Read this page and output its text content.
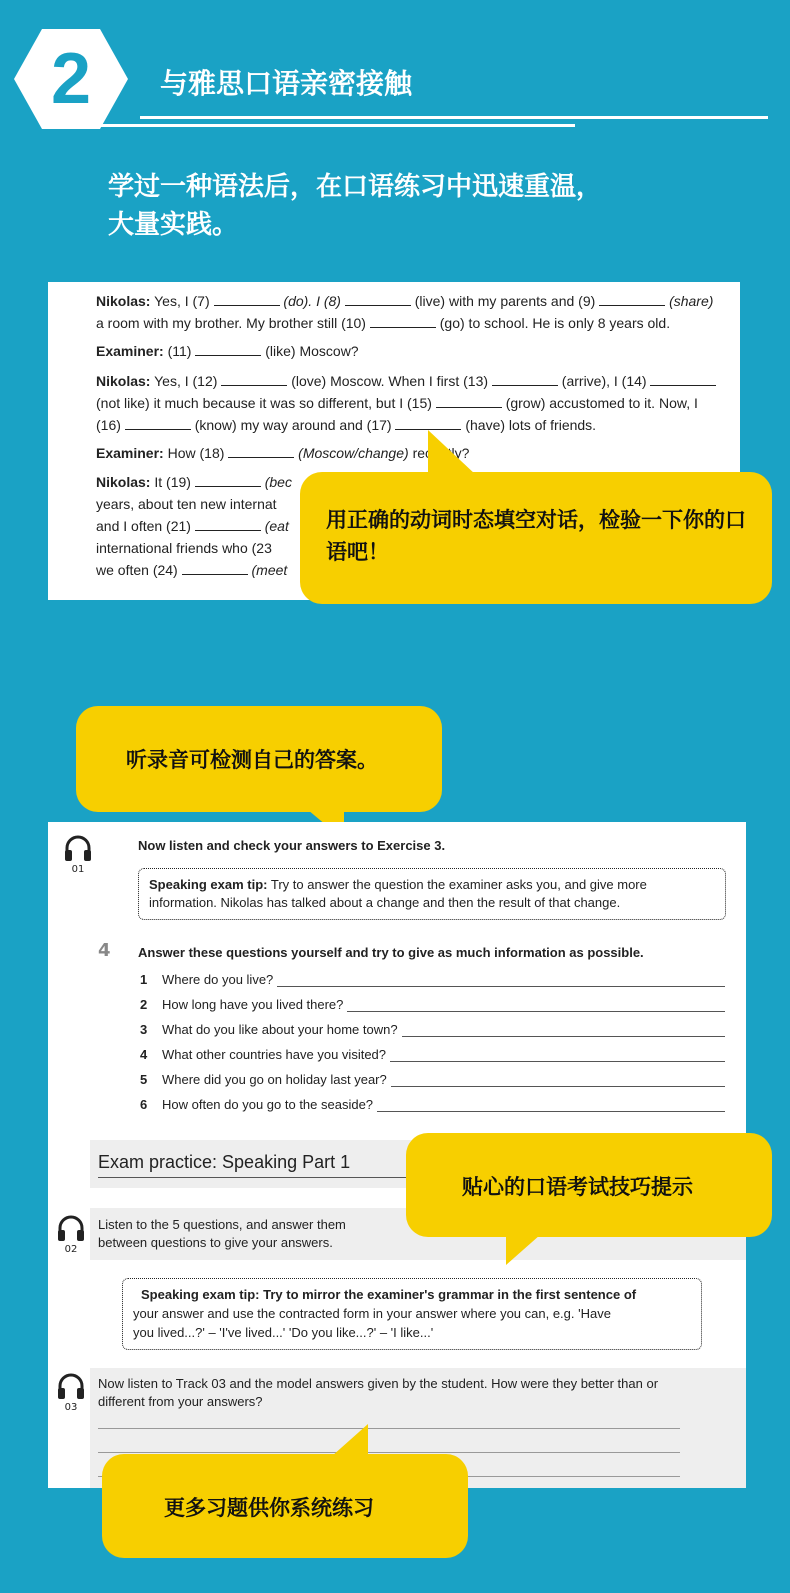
2	与雅思口语亲密接触
学过一种语法后，在口语练习中迅速重温，
大量实践。
Nikolas: Yes, I (7)	(do). I (8)	(live) with my parents and (9)	(share)
a room with my brother. My brother still (10)	(go) to school. He is only 8 years old.
Examiner: (11)	(like) Moscow?
Nikolas: Yes, I (12)	(love) Moscow. When I first (13)	(arrive), I (14)
(not like) it much because it was so different, but I (15)	(grow) accustomed to it. Now, I
(16)	(know) my way around and (17)	(have) lots of friends.
Examiner: How (18)	(Moscow/change) recently?
Nikolas: It (19)	(bec
years, about ten new internat
and I often (21)	(eat
international friends who (23
we often (24)	(meet
用正确的动词时态填空对话，检验一下你的口语吧！
听录音可检测自己的答案。
01
Now listen and check your answers to Exercise 3.
Speaking exam tip: Try to answer the question the examiner asks you, and give more
information. Nikolas has talked about a change and then the result of that change.
4 Answer these questions yourself and try to give as much information as possible.
1 Where do you live?
2 How long have you lived there?
3 What do you like about your home town?
4 What other countries have you visited?
5 Where did you go on holiday last year?
6 How often do you go to the seaside?
Exam practice: Speaking Part 1
02
Listen to the 5 questions, and answer them
between questions to give your answers.
Speaking exam tip: Try to mirror the examiner's grammar in the first sentence of
your answer and use the contracted form in your answer where you can, e.g. 'Have
you lived...?' – 'I've lived...' 'Do you like...?' – 'I like...'
03
Now listen to Track 03 and the model answers given by the student. How were they better than or
different from your answers?
贴心的口语考试技巧提示
更多习题供你系统练习
